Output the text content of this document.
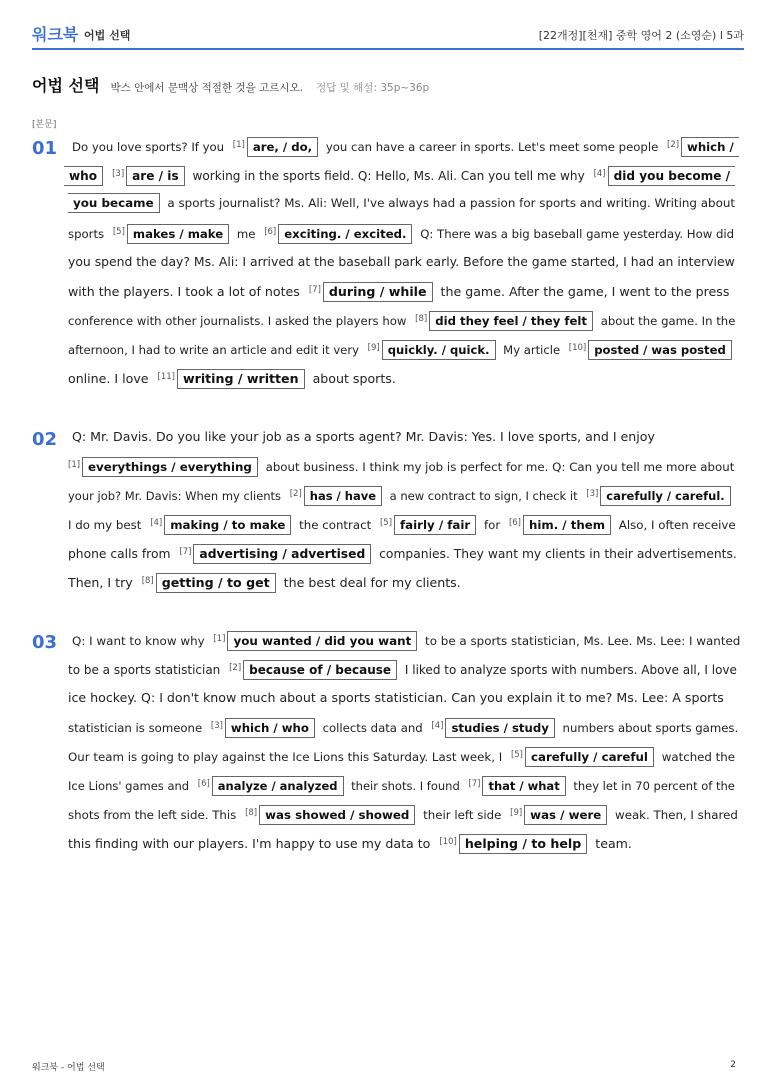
워크북 어법 선택	[22개정][천재] 중학 영어 2 (소영순) l 5과
어법 선택 박스 안에서 문맥상 적절한 것을 고르시오. 정답 및 해설: 35p~36p
[본문]
01 Do you love sports? If you [1] are, / do, you can have a career in sports. Let's meet some people [2] which /
who [3] are / is working in the sports field. Q: Hello, Ms. Ali. Can you tell me why [4] did you become /
you became a sports journalist? Ms. Ali: Well, I've always had a passion for sports and writing. Writing about
sports [5] makes / make me [6] exciting. / excited. Q: There was a big baseball game yesterday. How did
you spend the day? Ms. Ali: I arrived at the baseball park early. Before the game started, I had an interview
with the players. I took a lot of notes [7] during / while the game. After the game, I went to the press
conference with other journalists. I asked the players how [8] did they feel / they felt about the game. In the
afternoon, I had to write an article and edit it very [9] quickly. / quick. My article [10] posted / was posted
online. I love [11] writing / written about sports.
02 Q: Mr. Davis. Do you like your job as a sports agent? Mr. Davis: Yes. I love sports, and I enjoy
[1] everythings / everything about business. I think my job is perfect for me. Q: Can you tell me more about
your job? Mr. Davis: When my clients [2] has / have a new contract to sign, I check it [3] carefully / careful.
I do my best [4] making / to make the contract [5] fairly / fair for [6] him. / them Also, I often receive
phone calls from [7] advertising / advertised companies. They want my clients in their advertisements.
Then, I try [8] getting / to get the best deal for my clients.
03 Q: I want to know why [1] you wanted / did you want to be a sports statistician, Ms. Lee. Ms. Lee: I wanted
to be a sports statistician [2] because of / because I liked to analyze sports with numbers. Above all, I love
ice hockey. Q: I don't know much about a sports statistician. Can you explain it to me? Ms. Lee: A sports
statistician is someone [3] which / who collects data and [4] studies / study numbers about sports games.
Our team is going to play against the Ice Lions this Saturday. Last week, I [5] carefully / careful watched the
Ice Lions' games and [6] analyze / analyzed their shots. I found [7] that / what they let in 70 percent of the
shots from the left side. This [8] was showed / showed their left side [9] was / were weak. Then, I shared
this finding with our players. I'm happy to use my data to [10] helping / to help team.
워크북 - 어법 선택	2
